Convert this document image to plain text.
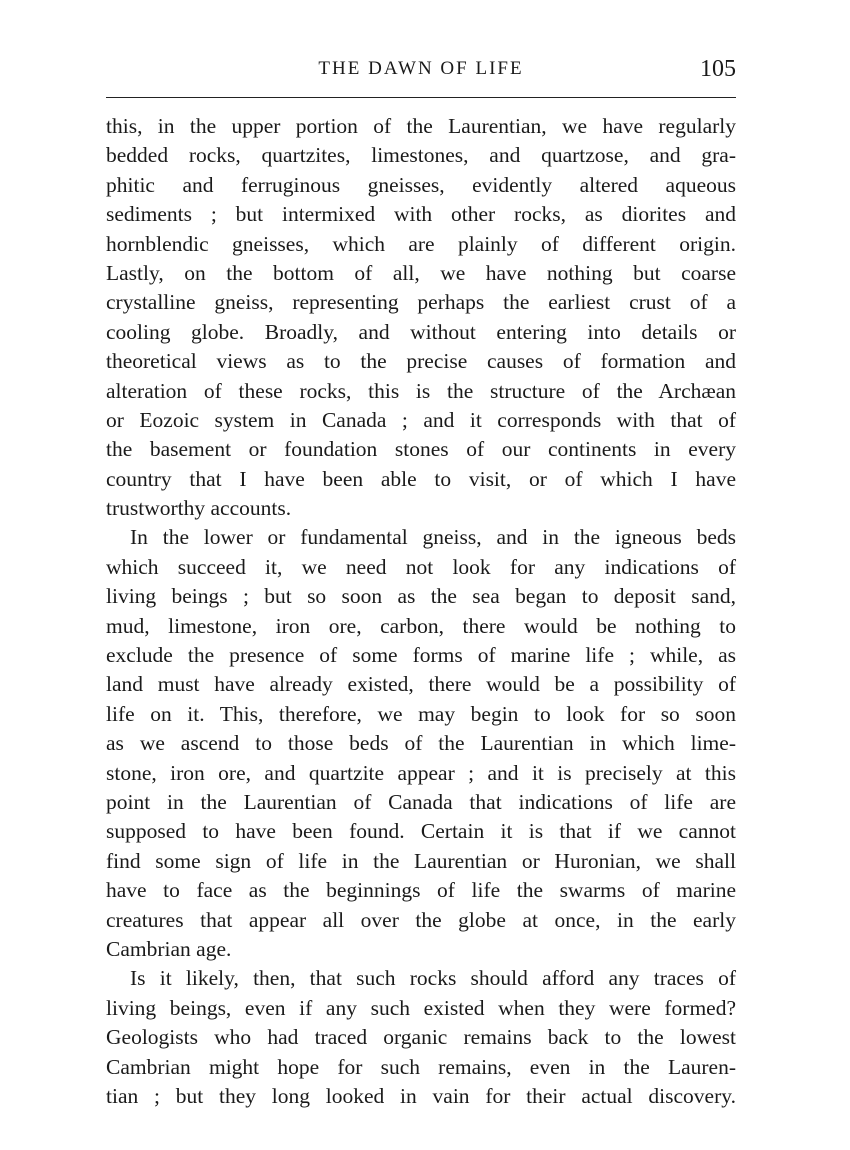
THE DAWN OF LIFE	105
this, in the upper portion of the Laurentian, we have regularly
bedded rocks, quartzites, limestones, and quartzose, and gra-
phitic and ferruginous gneisses, evidently altered aqueous
sediments ; but intermixed with other rocks, as diorites and
hornblendic gneisses, which are plainly of different origin.
Lastly, on the bottom of all, we have nothing but coarse
crystalline gneiss, representing perhaps the earliest crust of a
cooling globe. Broadly, and without entering into details or
theoretical views as to the precise causes of formation and
alteration of these rocks, this is the structure of the Archæan
or Eozoic system in Canada ; and it corresponds with that of
the basement or foundation stones of our continents in every
country that I have been able to visit, or of which I have
trustworthy accounts.
In the lower or fundamental gneiss, and in the igneous beds
which succeed it, we need not look for any indications of
living beings ; but so soon as the sea began to deposit sand,
mud, limestone, iron ore, carbon, there would be nothing to
exclude the presence of some forms of marine life ; while, as
land must have already existed, there would be a possibility of
life on it. This, therefore, we may begin to look for so soon
as we ascend to those beds of the Laurentian in which lime-
stone, iron ore, and quartzite appear ; and it is precisely at this
point in the Laurentian of Canada that indications of life are
supposed to have been found. Certain it is that if we cannot
find some sign of life in the Laurentian or Huronian, we shall
have to face as the beginnings of life the swarms of marine
creatures that appear all over the globe at once, in the early
Cambrian age.
Is it likely, then, that such rocks should afford any traces of
living beings, even if any such existed when they were formed?
Geologists who had traced organic remains back to the lowest
Cambrian might hope for such remains, even in the Lauren-
tian ; but they long looked in vain for their actual discovery.
